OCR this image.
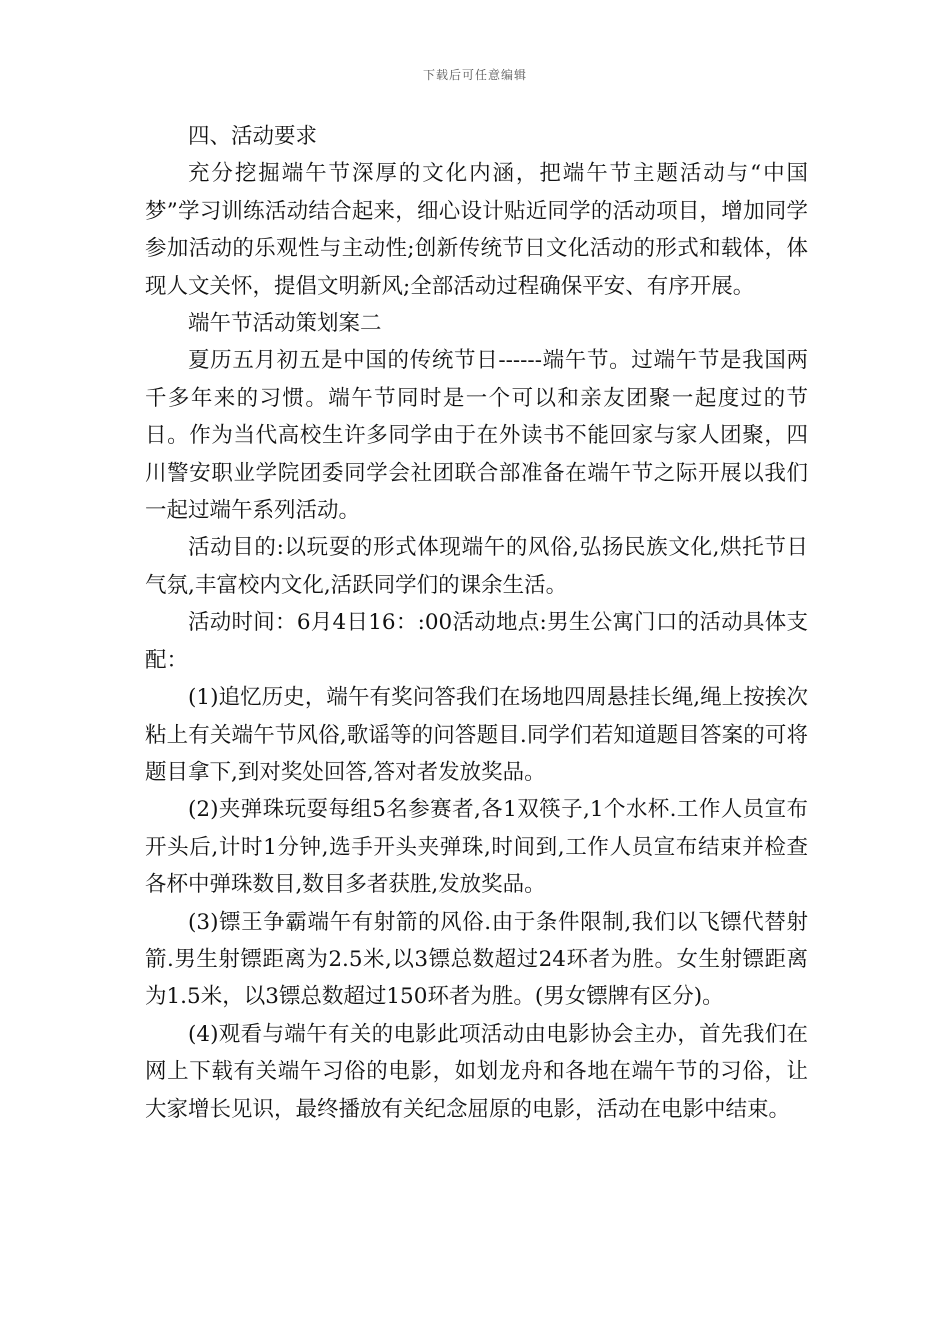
下载后可任意编辑

四、活动要求

充分挖掘端午节深厚的文化内涵，把端午节主题活动与“中国梦”学习训练活动结合起来，细心设计贴近同学的活动项目，增加同学参加活动的乐观性与主动性;创新传统节日文化活动的形式和载体，体现人文关怀，提倡文明新风;全部活动过程确保平安、有序开展。

端午节活动策划案二

夏历五月初五是中国的传统节日------端午节。过端午节是我国两千多年来的习惯。端午节同时是一个可以和亲友团聚一起度过的节日。作为当代高校生许多同学由于在外读书不能回家与家人团聚，四川警安职业学院团委同学会社团联合部准备在端午节之际开展以我们一起过端午系列活动。

活动目的:以玩耍的形式体现端午的风俗,弘扬民族文化,烘托节日气氛,丰富校内文化,活跃同学们的课余生活。

活动时间：6月4日16：:00活动地点:男生公寓门口的活动具体支配：

(1)追忆历史，端午有奖问答我们在场地四周悬挂长绳,绳上按挨次粘上有关端午节风俗,歌谣等的问答题目.同学们若知道题目答案的可将题目拿下,到对奖处回答,答对者发放奖品。

(2)夹弹珠玩耍每组5名参赛者,各1双筷子,1个水杯.工作人员宣布开头后,计时1分钟,选手开头夹弹珠,时间到,工作人员宣布结束并检查各杯中弹珠数目,数目多者获胜,发放奖品。

(3)镖王争霸端午有射箭的风俗.由于条件限制,我们以飞镖代替射箭.男生射镖距离为2.5米,以3镖总数超过24环者为胜。女生射镖距离为1.5米，以3镖总数超过150环者为胜。(男女镖牌有区分)。

(4)观看与端午有关的电影此项活动由电影协会主办，首先我们在网上下载有关端午习俗的电影，如划龙舟和各地在端午节的习俗，让大家增长见识，最终播放有关纪念屈原的电影，活动在电影中结束。
